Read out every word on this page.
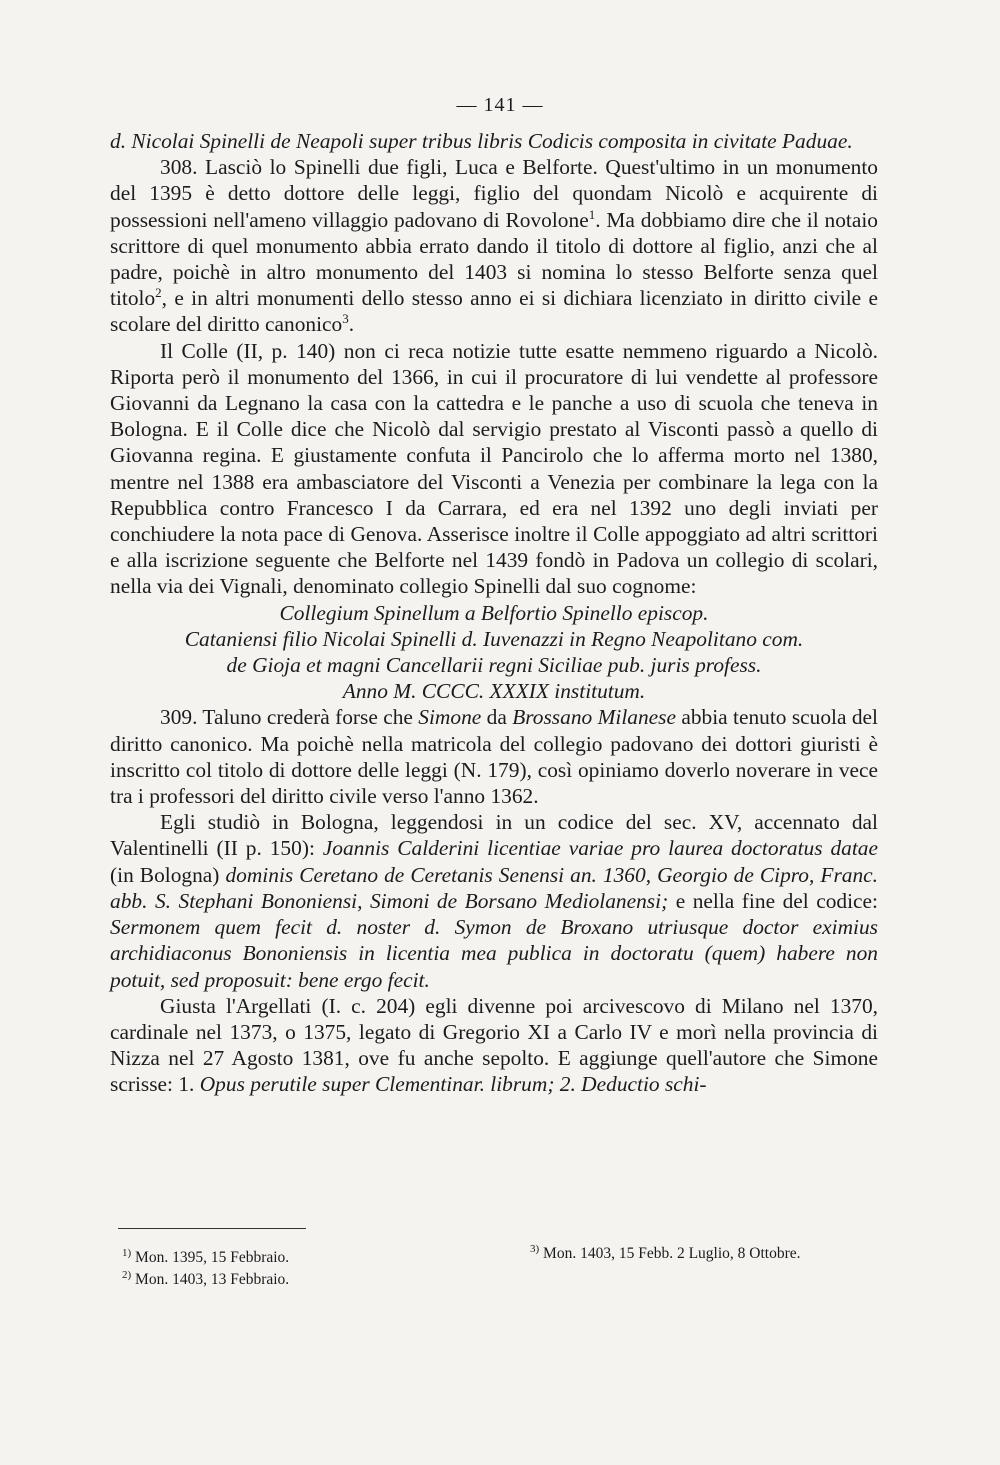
— 141 —

d. Nicolai Spinelli de Neapoli super tribus libris Codicis composita in civitate Paduae.

308. Lasciò lo Spinelli due figli, Luca e Belforte. Quest'ultimo in un monumento del 1395 è detto dottore delle leggi, figlio del quondam Nicolò e acquirente di possessioni nell'ameno villaggio padovano di Rovolone$^1$. Ma dobbiamo dire che il notaio scrittore di quel monumento abbia errato dando il titolo di dottore al figlio, anzi che al padre, poichè in altro monumento del 1403 si nomina lo stesso Belforte senza quel titolo$^2$, e in altri monumenti dello stesso anno ei si dichiara licenziato in diritto civile e scolare del diritto canonico$^3$.

Il Colle (II, p. 140) non ci reca notizie tutte esatte nemmeno riguardo a Nicolò. Riporta però il monumento del 1366, in cui il procuratore di lui vendette al professore Giovanni da Legnano la casa con la cattedra e le panche a uso di scuola che teneva in Bologna. E il Colle dice che Nicolò dal servigio prestato al Visconti passò a quello di Giovanna regina. E giustamente confuta il Pancirolo che lo afferma morto nel 1380, mentre nel 1388 era ambasciatore del Visconti a Venezia per combinare la lega con la Repubblica contro Francesco I da Carrara, ed era nel 1392 uno degli inviati per conchiudere la nota pace di Genova. Asserisce inoltre il Colle appoggiato ad altri scrittori e alla iscrizione seguente che Belforte nel 1439 fondò in Padova un collegio di scolari, nella via dei Vignali, denominato collegio Spinelli dal suo cognome:

Collegium Spinellum a Belfortio Spinello episcop.

Cataniensi filio Nicolai Spinelli d. Iuvenazzi in Regno Neapolitano com.

de Gioja et magni Cancellarii regni Siciliae pub. juris profess.

Anno M. CCCC. XXXIX institutum.

309. Taluno crederà forse che Simone da Brossano Milanese abbia tenuto scuola del diritto canonico. Ma poichè nella matricola del collegio padovano dei dottori giuristi è inscritto col titolo di dottore delle leggi (N. 179), così opiniamo doverlo noverare in vece tra i professori del diritto civile verso l'anno 1362.

Egli studiò in Bologna, leggendosi in un codice del sec. XV, accennato dal Valentinelli (II p. 150): Joannis Calderini licentiae variae pro laurea doctoratus datae (in Bologna) dominis Ceretano de Ceretanis Senensi an. 1360, Georgio de Cipro, Franc. abb. S. Stephani Bononiensi, Simoni de Borsano Mediolanensi; e nella fine del codice: Sermonem quem fecit d. noster d. Symon de Broxano utriusque doctor eximius archidiaconus Bononiensis in licentia mea publica in doctoratu (quem) habere non potuit, sed proposuit: bene ergo fecit.

Giusta l'Argellati (I. c. 204) egli divenne poi arcivescovo di Milano nel 1370, cardinale nel 1373, o 1375, legato di Gregorio XI a Carlo IV e morì nella provincia di Nizza nel 27 Agosto 1381, ove fu anche sepolto. E aggiunge quell'autore che Simone scrisse: 1. Opus perutile super Clementinar. librum; 2. Deductio schi-

$^{1)}$ Mon. 1395, 15 Febbraio.
$^{2)}$ Mon. 1403, 13 Febbraio.
$^{3)}$ Mon. 1403, 15 Febb. 2 Luglio, 8 Ottobre.
